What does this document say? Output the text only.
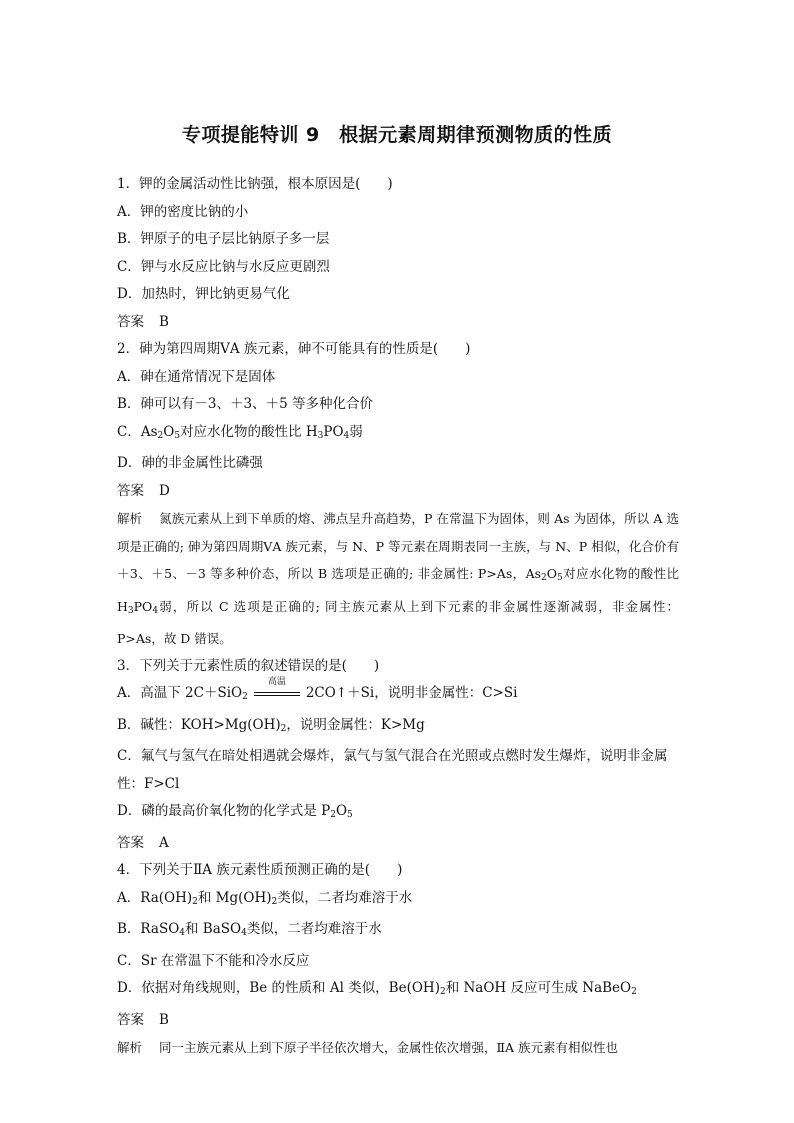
专项提能特训 9　根据元素周期律预测物质的性质
1．钾的金属活动性比钠强，根本原因是(　　)
A．钾的密度比钠的小
B．钾原子的电子层比钠原子多一层
C．钾与水反应比钠与水反应更剧烈
D．加热时，钾比钠更易气化
答案 B
2．砷为第四周期ⅤA 族元素，砷不可能具有的性质是(　　)
A．砷在通常情况下是固体
B．砷可以有－3、＋3、＋5 等多种化合价
C．$As_2O_5$对应水化物的酸性比 $H_3PO_4$弱
D．砷的非金属性比磷强
答案 D
解析 氮族元素从上到下单质的熔、沸点呈升高趋势，P 在常温下为固体，则 As 为固体，所以 A 选项是正确的; 砷为第四周期ⅤA 族元素，与 N、P 等元素在周期表同一主族，与 N、P 相似，化合价有＋3、＋5、－3 等多种价态，所以 B 选项是正确的; 非金属性: P>As，$As_2O_5$对应水化物的酸性比 $H_3PO_4$弱，所以 C 选项是正确的; 同主族元素从上到下元素的非金属性逐渐减弱，非金属性：P>As，故 D 错误。
3．下列关于元素性质的叙述错误的是(　　)
A．高温下 2C＋SiO$_2$
高温
2CO↑＋Si，说明非金属性：C>Si
B．碱性：$KOH>Mg(OH)_2$，说明金属性：K>Mg
C．氟气与氢气在暗处相遇就会爆炸，氯气与氢气混合在光照或点燃时发生爆炸，说明非金属性：F>Cl
D．磷的最高价氧化物的化学式是 $P_2O_5$
答案 A
4．下列关于ⅡA 族元素性质预测正确的是(　　)
A．$Ra(OH)_2$和 $Mg(OH)_2$类似，二者均难溶于水
B．RaSO$_4$和 BaSO$_4$类似，二者均难溶于水
C．Sr 在常温下不能和冷水反应
D．依据对角线规则，Be 的性质和 Al 类似，$Be(OH)_2$和 NaOH 反应可生成 NaBeO$_2$
答案 B
解析 同一主族元素从上到下原子半径依次增大，金属性依次增强，ⅡA 族元素有相似性也
